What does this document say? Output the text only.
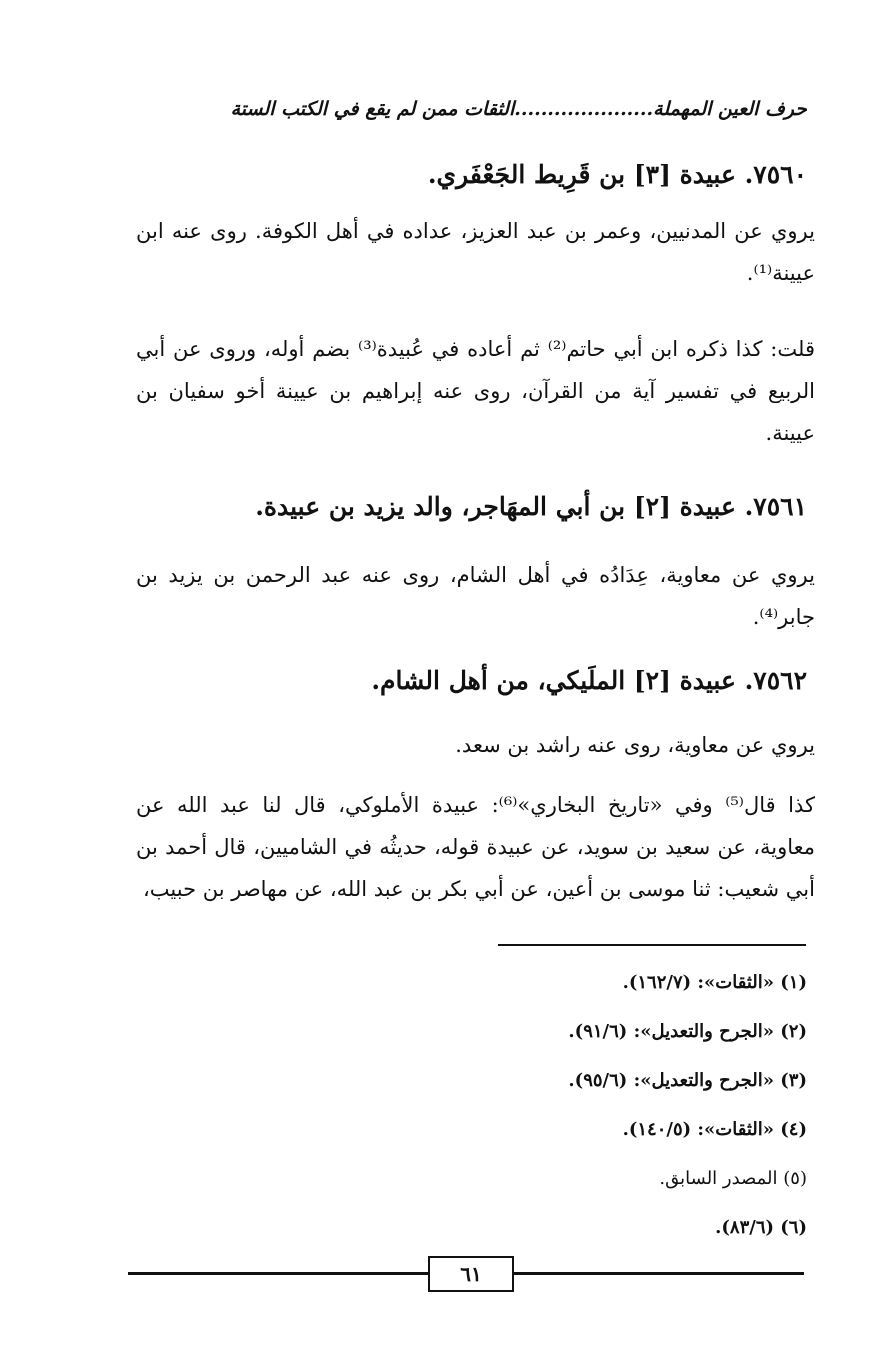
حرف العين المهملة.....................الثقات ممن لم يقع في الكتب الستة
٧٥٦٠. عبيدة [٣] بن قَرِيط الجَعْفَري.

يروي عن المدنيين، وعمر بن عبد العزيز، عداده في أهل الكوفة. روى عنه ابن عيينة⁽¹⁾.

قلت: كذا ذكره ابن أبي حاتم⁽²⁾ ثم أعاده في عُبيدة⁽³⁾ بضم أوله، وروى عن أبي الربيع في تفسير آية من القرآن، روى عنه إبراهيم بن عيينة أخو سفيان بن عيينة.

٧٥٦١. عبيدة [٢] بن أبي المهَاجر، والد يزيد بن عبيدة.

يروي عن معاوية، عِدَادُه في أهل الشام، روى عنه عبد الرحمن بن يزيد بن جابر⁽⁴⁾.

٧٥٦٢. عبيدة [٢] الملَيكي، من أهل الشام.

يروي عن معاوية، روى عنه راشد بن سعد.

كذا قال⁽⁵⁾ وفي «تاريخ البخاري»⁽⁶⁾: عبيدة الأملوكي، قال لنا عبد الله عن معاوية، عن سعيد بن سويد، عن عبيدة قوله، حديثُه في الشاميين، قال أحمد بن أبي شعيب: ثنا موسى بن أعين، عن أبي بكر بن عبد الله، عن مهاصر بن حبيب،

(١) «الثقات»: (١٦٢/٧).
(٢) «الجرح والتعديل»: (٩١/٦).
(٣) «الجرح والتعديل»: (٩٥/٦).
(٤) «الثقات»: (١٤٠/٥).
(٥) المصدر السابق.
(٦) (٨٣/٦).
٦١
